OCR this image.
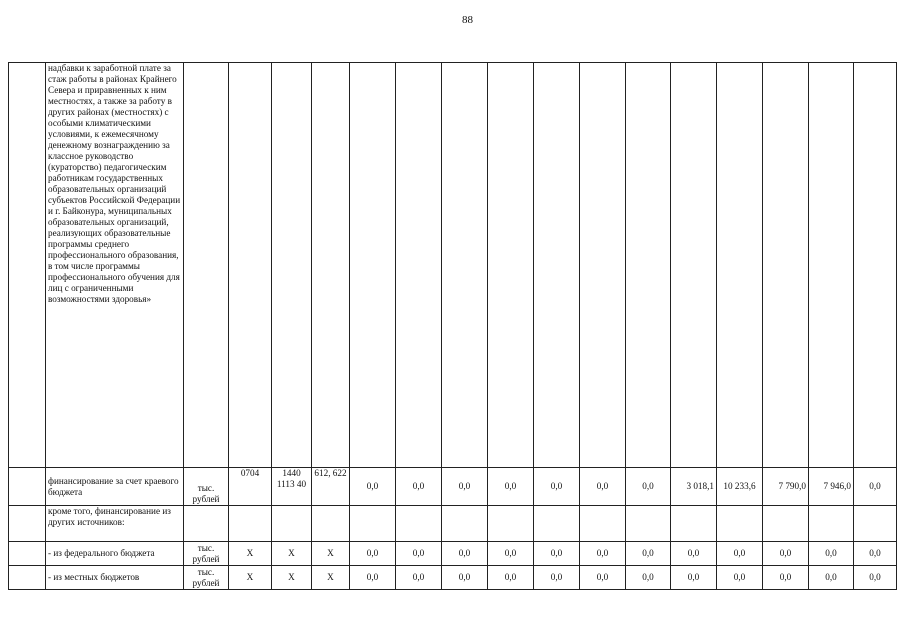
88
	надбавки к заработной плате за стаж работы в районах Крайнего Севера и приравненных к ним местностях, а также за работу в других районах (местностях) с особыми климатическими условиями, к ежемесячному денежному вознаграждению за классное руководство (кураторство) педагогическим работникам государственных образовательных организаций субъектов Российской Федерации и г. Байконура, муниципальных образовательных организаций, реализующих образовательные программы среднего профессионального образования, в том числе программы профессионального обучения для лиц с ограниченными возможностями здоровья»																
	финансирование за счет краевого бюджета	тыс. рублей	0704	1440 1113 40	612, 622	0,0	0,0	0,0	0,0	0,0	0,0	0,0	3 018,1	10 233,6	7 790,0	7 946,0	0,0
	кроме того, финансирование из других источников:																
	- из федерального бюджета	тыс. рублей	Х	Х	Х	0,0	0,0	0,0	0,0	0,0	0,0	0,0	0,0	0,0	0,0	0,0	0,0
	- из местных бюджетов	тыс. рублей	Х	Х	Х	0,0	0,0	0,0	0,0	0,0	0,0	0,0	0,0	0,0	0,0	0,0	0,0
